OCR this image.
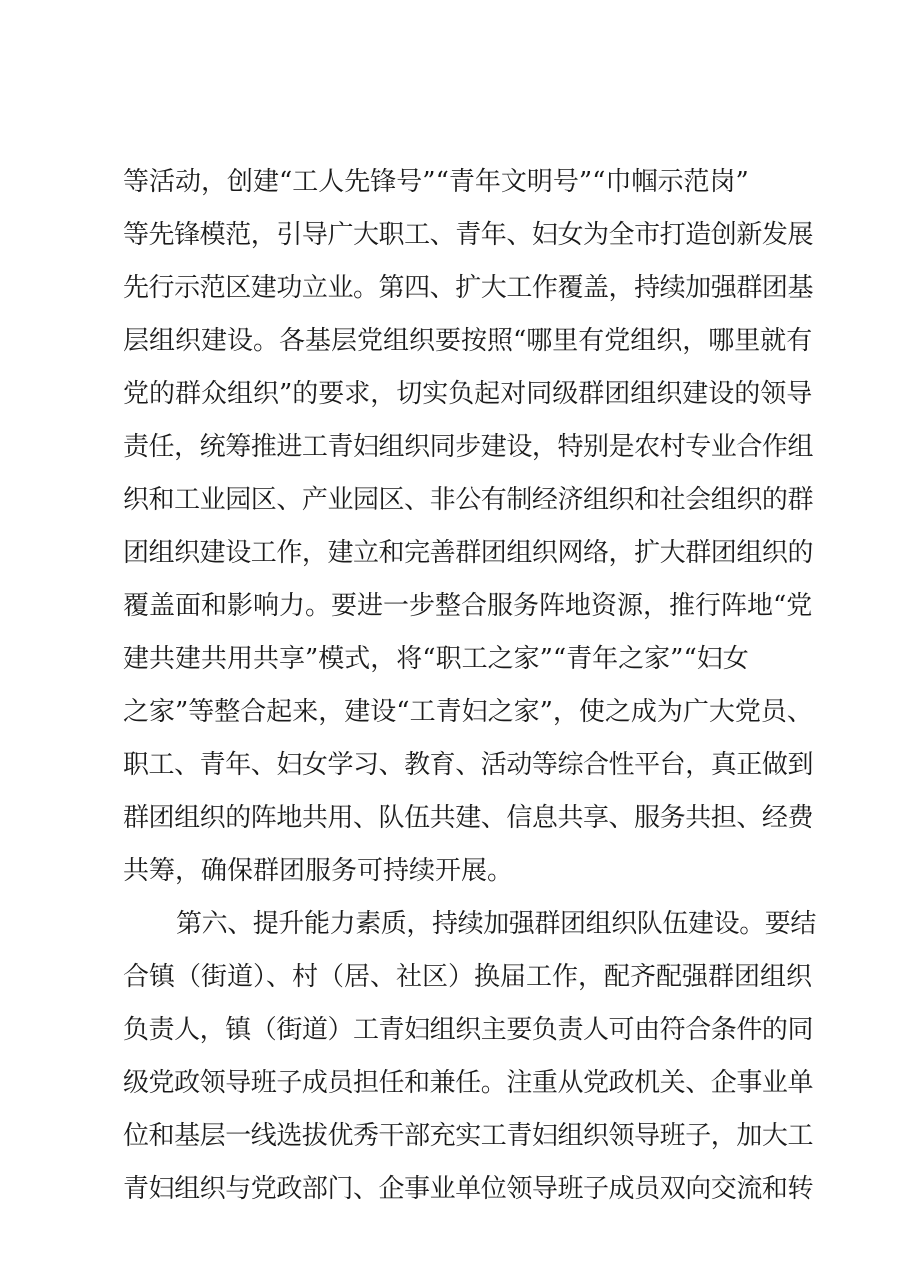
等活动，创建“工人先锋号”“青年文明号”“巾帼示范岗”
等先锋模范，引导广大职工、青年、妇女为全市打造创新发展
先行示范区建功立业。第四、扩大工作覆盖，持续加强群团基
层组织建设。各基层党组织要按照“哪里有党组织，哪里就有
党的群众组织”的要求，切实负起对同级群团组织建设的领导
责任，统筹推进工青妇组织同步建设，特别是农村专业合作组
织和工业园区、产业园区、非公有制经济组织和社会组织的群
团组织建设工作，建立和完善群团组织网络，扩大群团组织的
覆盖面和影响力。要进一步整合服务阵地资源，推行阵地“党
建共建共用共享”模式，将“职工之家”“青年之家”“妇女
之家”等整合起来，建设“工青妇之家”，使之成为广大党员、
职工、青年、妇女学习、教育、活动等综合性平台，真正做到
群团组织的阵地共用、队伍共建、信息共享、服务共担、经费
共筹，确保群团服务可持续开展。
第六、提升能力素质，持续加强群团组织队伍建设。要结
合镇（街道）、村（居、社区）换届工作，配齐配强群团组织
负责人，镇（街道）工青妇组织主要负责人可由符合条件的同
级党政领导班子成员担任和兼任。注重从党政机关、企事业单
位和基层一线选拔优秀干部充实工青妇组织领导班子，加大工
青妇组织与党政部门、企事业单位领导班子成员双向交流和转
